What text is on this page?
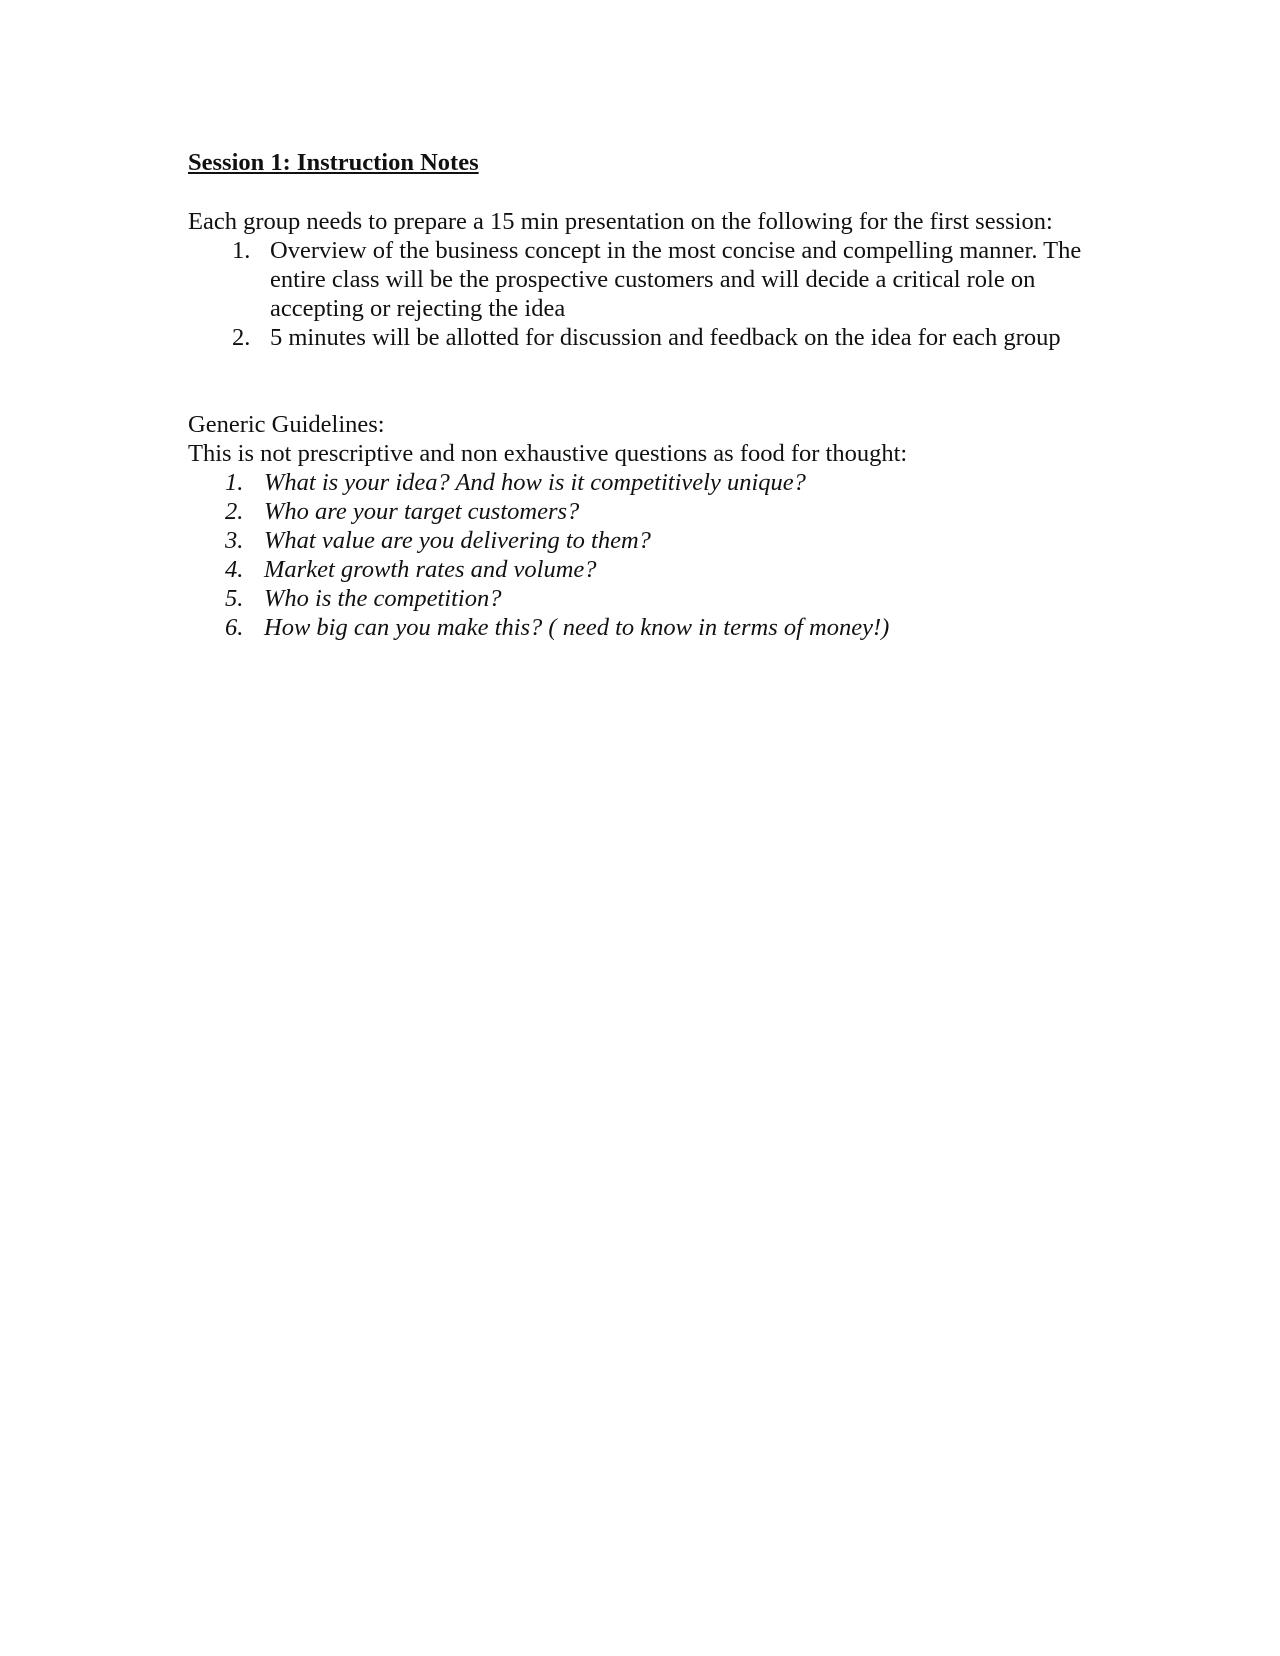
Session 1: Instruction Notes

Each group needs to prepare a 15 min presentation on the following for the first session:

1. Overview of the business concept in the most concise and compelling manner. The entire class will be the prospective customers and will decide a critical role on accepting or rejecting the idea
2. 5 minutes will be allotted for discussion and feedback on the idea for each group

Generic Guidelines:

This is not prescriptive and non exhaustive questions as food for thought:

1. What is your idea? And how is it competitively unique?
2. Who are your target customers?
3. What value are you delivering to them?
4. Market growth rates and volume?
5. Who is the competition?
6. How big can you make this? ( need to know in terms of money!)
